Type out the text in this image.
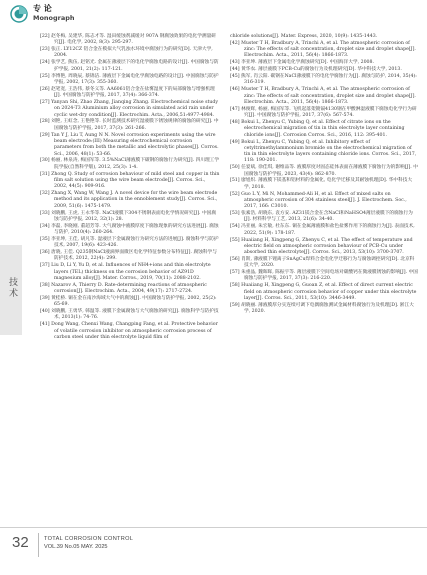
专 论
Monograph
技术

[22] 赵冬梅, 吴建华, 陈志才等. 湿田缓蚀剂减缓对 907A 钢腐蚀效果的电化学测量研究[J]. 电化学, 2002, 8(3): 295-297.

[23] 张正. LY12CZ 铝合金在模拟大气乳浊水环境中腐蚀行为的研究[D]. 天津大学, 2004.

[24] 张学艺, 熊伍, 赵铭光. 金属在薄液层下的电化学腐蚀电路的设计[J]. 中国腐蚀与防护学报, 2001, 21(2): 117-121.

[25] 李博艳, 周晓辰, 蔡锦洁. 薄液层下金属电化学腐蚀电路的设计[J]. 中国腐蚀与防护学报, 2002, 17(3): 355-360.

[26] 赵笔宽, 王浩伟, 蔡冬义等. AA6061铝合金在盐雾湿度下的局部腐蚀与增强机理 [J]. 中国腐蚀与防护学报, 2017, 37(4): 366-374.

[27] Yanyan Shi, Zhao Zhang, Jianqing Zhang. Electrochemical noise study on 2024-T3 Aluminium alloy corrosion in simulated acid rain under cyclic wet-dry condition[J]. Electrochim. Acta., 2006,51:4977-4984.

[28] 刘艳, 王虹念, 王艳艳等. 长时监测技术研究湿液膜下锈蚀规律的腐蚀的研究[J]. 中国腐蚀与防护学报, 2017, 37(3): 261-266.

[29] Tan Y J, Liu T, Aung N N. Novel corrosion experiments using the wire beam electrode:(III) Measuring electrochemical corrosion parameters from both the metallic and electrolytic phases[J]. Corros. Sci., 2006, 48(1): 53-66.

[30] 杨丽, 林泉涛, 梅国军等. 3.5%NaCl薄液膜下碳钢的腐蚀行为研究[J]. 四川理工学院学报(自然科学版), 2012, 25(3): 1-4.

[31] Zhong Q. Study of corrosion behaviour of mild steel and copper in thin film salt solution using the wire beam electrode[J]. Corros. Sci., 2002, 44(5): 909-916.

[32] Zhang X, Wang W, Wang J. A novel device for the wire beam electrode method and its application in the ennoblement study[J]. Corros. Sci., 2009, 51(6): 1475-1479.

[33] 刘晓鹏, 王虎, 王永华等. NaCl液膜下304不锈钢表面电化学情况研究[J]. 中国腐蚀与防护学报, 2012, 32(1): 28.

[34] 李磊, 李晓刚, 董超芳等. 大气腐蚀中液膜厚度下腐蚀现象的研究方法进展[J]. 腐蚀与防护, 2010(4): 260-264.

[35] 李亚坤, 王佳, 胡凡等. 湿液层下金属腐蚀行为研究方法的进展[J]. 腐蚀科学与防护技术, 2007, 19(6): 423-426.

[36] 唐晓, 王佳. Q235钢NaCl液滴界面微区电化学特征参数分布特征[J]. 腐蚀科学与防护技术, 2012, 22(4): 299.

[37] Liu D, Li Y, Yu D, et al. Influences of NH4+ions and thin electrolyte layers (TEL) thickness on the corrosion behavior of AZ91D magnesium alloy[J]. Mater. Corros., 2019, 70(11): 2088-2102.

[38] Nazarov A, Thierry D. Rate-determining reactions of atmospheric corrosion[J]. Electrochim. Acta., 2004, 49(17): 2717-2724.

[39] 黄桂桥. 铜在金在南沙海域大气中的腐蚀[J]. 中国腐蚀与防护学报, 2002, 25(2): 65-69.

[40] 刘晓鹏, 王勇华, 韩温等. 液膜下金属腐蚀与大气腐蚀的研究[J]. 腐蚀科学与防护技术, 2013(1): 74-76.

[41] Dong Wang, Chenxi Wang, Changping Fang, et al. Protective behavior of volatile corrosion inhibitor on atmospheric corrosion process of carbon steel under thin electrolyte liquid film of

chloride solutions[J]. Mater. Express, 2020, 10(9): 1435-1443.

[42] Muster T H, Bradbury A, Trinchi A, et al. The atmospheric corrosion of zinc: The effects of salt concentration, droplet size and droplet shape[J]. Electrochim. Acta., 2011, 56(4): 1866-1873.

[43] 李亚坤. 薄液层下金属电化学腐蚀研究[D]. 中国海洋大学, 2008.

[44] 黄华农. 薄层液膜下PCB-Cu的腐蚀行为及机理研究[D]. 华中科技大学, 2013.

[45] 熊军, 肖云阳. 碳钢在NaCl薄液膜下的电化学腐蚀行为[J]. 腐蚀与防护, 2014, 35(4): 316-319.

[46] Muster T H, Bradbury A, Trinchi A, et al. The atmospheric corrosion of zinc: The effects of salt concentration, droplet size and droplet shape[J]. Electrochim. Acta., 2011, 56(4): 1866-1873.

[47] 林俊辉, 杨丽, 梅国军等. 飞机起落架镀镉4130钢在甲酸淋湿液膜下腐蚀电化学行为研究[J]. 中国腐蚀与防护学报, 2017, 37(6): 567-574.

[48] Bokui L, Zhenyu C, Yubing Q, et al. Effect of citrate ions on the electrochemical migration of tin in thin electrolyte layer containing chloride ions[J]. Corrosion Corros. Sci., 2016, 112: 395-401.

[49] Bokui L, Zhenyu C, Yubing Q, et al. Inhibitory effect of cetyltrimethylammonium bromide on the electrochemical migration of tin in thin electrolyte layers containing chloride ions. Corros. Sci., 2017, 118: 190-201.

[50] 任宴斌, 徐佳琪, 谢维品等. 液膜厚度对固态硅体表面在薄液膜下腐蚀行为的影响[J]. 中国腐蚀与防护学报, 2023, 43(4): 862-870.

[51] 廖旭炽. 薄液膜下镁基和铝材料的金属化, 电化学迁移及其耐蚀机理[D]. 华中科技大学, 2018.

[52] Guo L Y, Mi N, Mohammed-Ali H, et al. Effect of mixed salts on atmospheric corrosion of 304 stainless steel[J]. J. Electrochem. Soc., 2017, 166: C3010.

[53] 张素浩, 胡晓东, 袁方安. AZ31镁合金在含NaCl和NaHSO4薄层液膜下的腐蚀行为[J]. 材料科学与工艺, 2013, 21(6): 34-40.

[54] 冯亚丽, 朱宏敏, 杜东东. 铜在金属薄液膜和盐色盐雾作用下的腐蚀行为[J]. 表面技术, 2022, 51(9): 178-187.

[55] Huaiiang H, Xingpeng G, Zhenyu C, et al. The effect of temperature and electric field on atmospheric corrosion behaviour of PCB-Cu under absorbed thin electrolyte[J]. Corros. Sci., 2013, 53(10): 3700-3707.

[56] 肖斯, 薄液膜下锂离子SnAgCu焊料合金电化学迁移行为与腐蚀调控研究[D]. 北京科技大学, 2020.

[57] 朱重晶, 魏晖晖, 陈振宇等. 薄层液膜下空间电场对碳酸钙在微液膜锈蚀的影响[J]. 中国腐蚀与防护学报, 2017, 37(3): 216-220.

[58] Huaiiang H, Xingpeng G, Guoan Z, et al. Effect of direct current electric field on atmospheric corrosion behavior of copper under thin electrolyte layer[J]. Corros. Sci., 2011, 53(10): 3446-3449.

[59] 胡晓丽. 薄液膜厚分实连续可调下电偶腐蚀测试金属材料腐蚀行为及机理[D]. 浙江大学, 2020.

32	TOTAL CORROSION CONTROL
VOL.39 No.05 MAY. 2025
